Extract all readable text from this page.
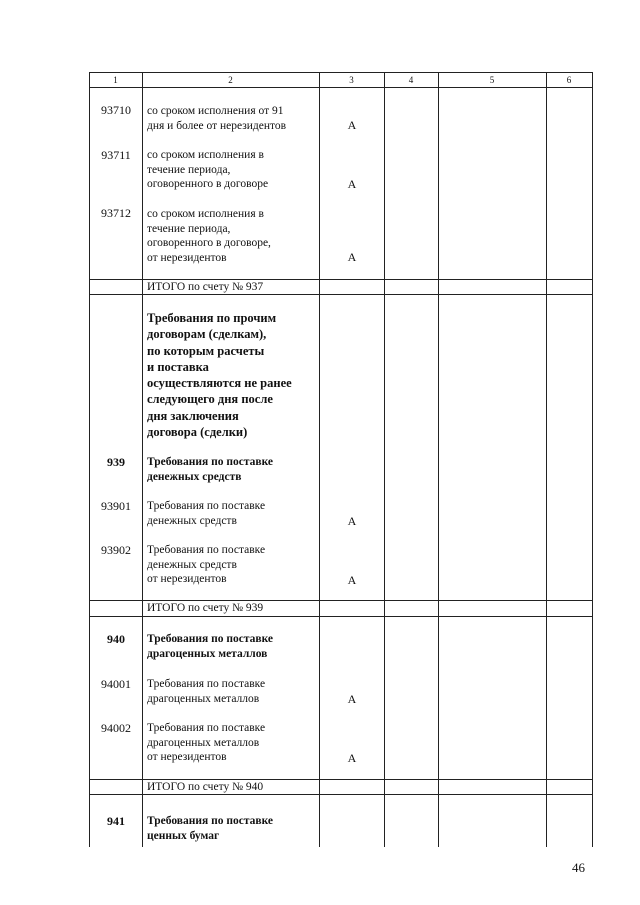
1	2	3	4	5	6
93710	со сроком исполнения от 91
дня и более от нерезидентов	А
93711	со сроком исполнения в
течение периода,
оговоренного в договоре	А
93712	со сроком исполнения в
течение периода,
оговоренного в договоре,
от нерезидентов	А
ИТОГО по счету № 937
Требования по прочим
договорам (сделкам),
по которым расчеты
и поставка
осуществляются не ранее
следующего дня после
дня заключения
договора (сделки)
939	Требования по поставке
денежных средств
93901	Требования по поставке
денежных средств	А
93902	Требования по поставке
денежных средств
от нерезидентов	А
ИТОГО по счету № 939
940	Требования по поставке
драгоценных металлов
94001	Требования по поставке
драгоценных металлов	А
94002	Требования по поставке
драгоценных металлов
от нерезидентов	А
ИТОГО по счету № 940
941	Требования по поставке
ценных бумаг
46
